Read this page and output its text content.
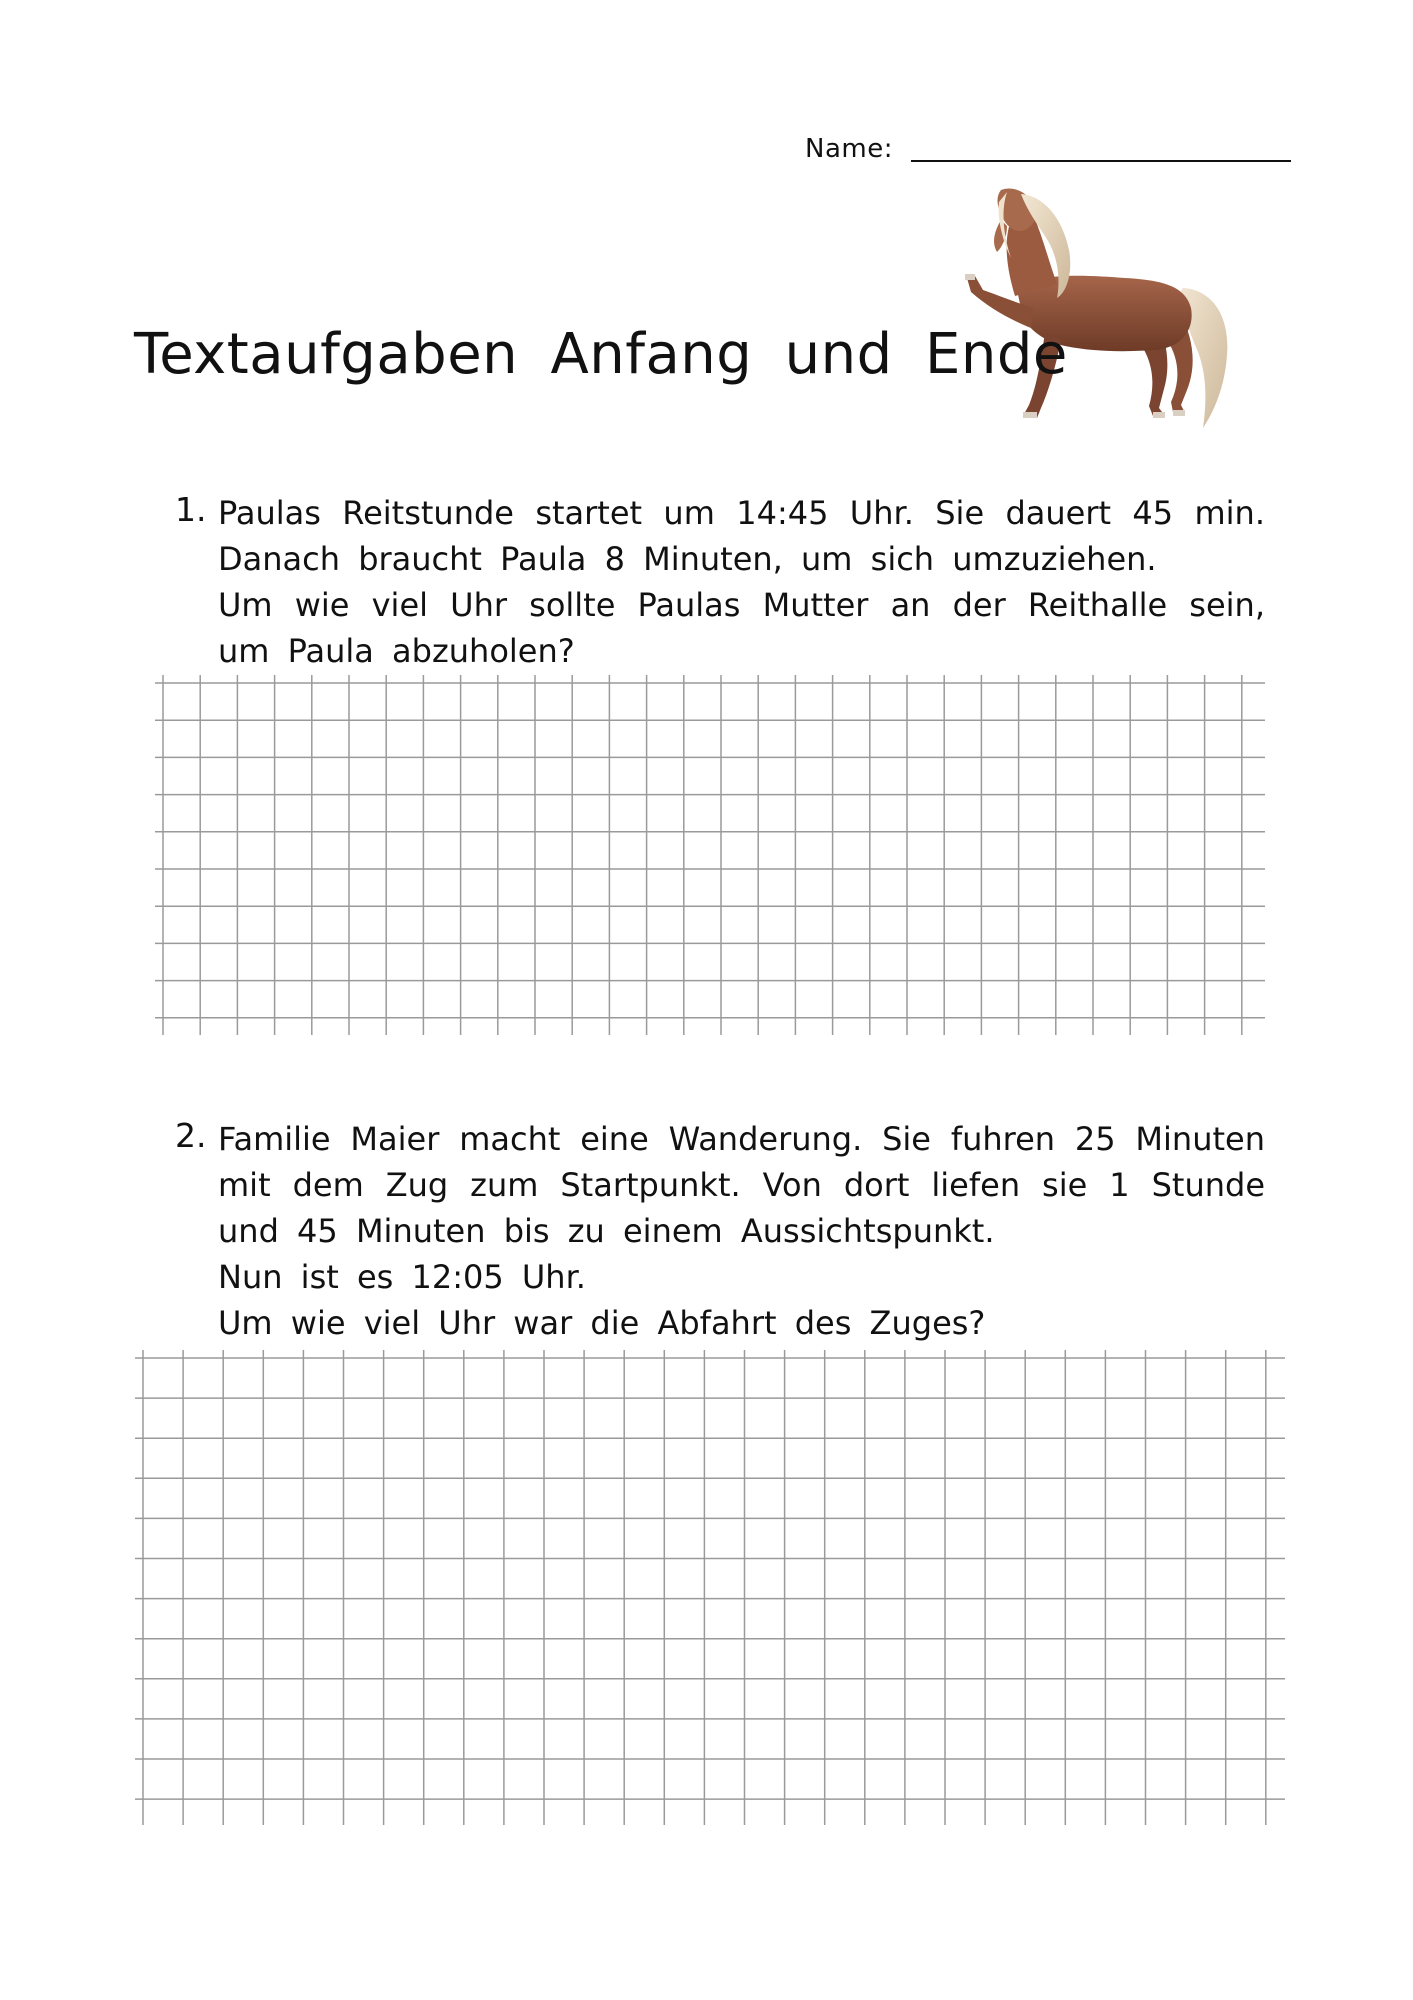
Name:
Textaufgaben Anfang und Ende
1. Paulas Reitstunde startet um 14:45 Uhr. Sie dauert 45 min.
Danach braucht Paula 8 Minuten, um sich umzuziehen.
Um wie viel Uhr sollte Paulas Mutter an der Reithalle sein,
um Paula abzuholen?
2. Familie Maier macht eine Wanderung. Sie fuhren 25 Minuten
mit dem Zug zum Startpunkt. Von dort liefen sie 1 Stunde
und 45 Minuten bis zu einem Aussichtspunkt.
Nun ist es 12:05 Uhr.
Um wie viel Uhr war die Abfahrt des Zuges?
